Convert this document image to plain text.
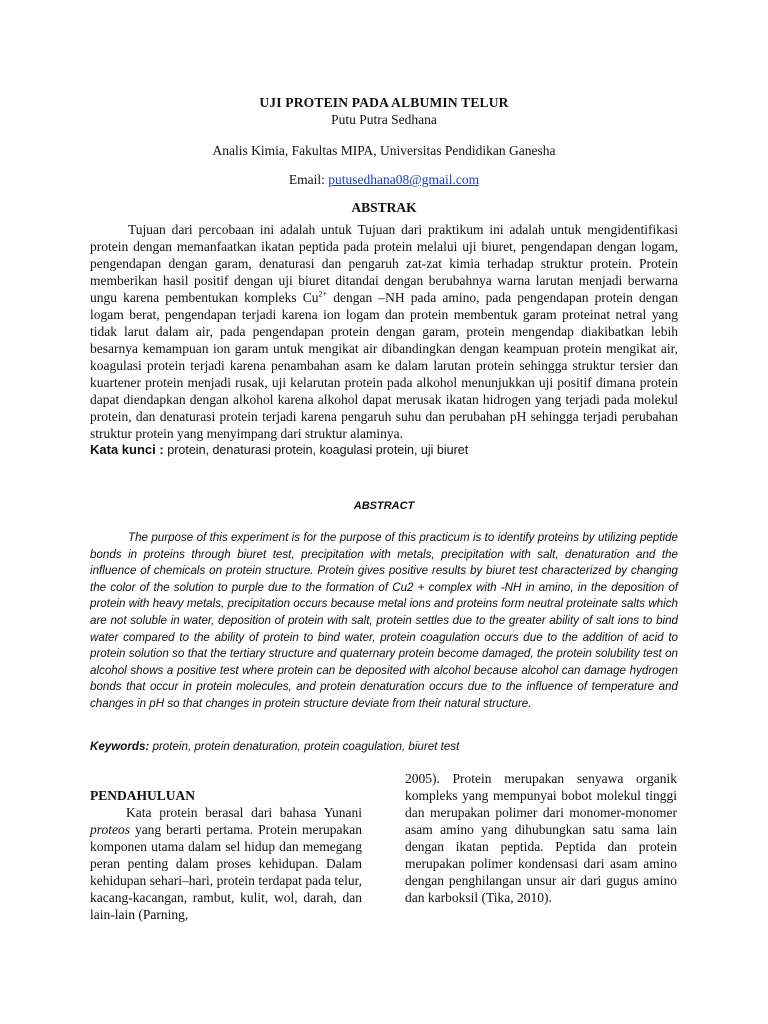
UJI PROTEIN PADA ALBUMIN TELUR
Putu Putra Sedhana
Analis Kimia, Fakultas MIPA, Universitas Pendidikan Ganesha
Email: putusedhana08@gmail.com
ABSTRAK

Tujuan dari percobaan ini adalah untuk Tujuan dari praktikum ini adalah untuk mengidentifikasi protein dengan memanfaatkan ikatan peptida pada protein melalui uji biuret, pengendapan dengan logam, pengendapan dengan garam, denaturasi dan pengaruh zat-zat kimia terhadap struktur protein. Protein memberikan hasil positif dengan uji biuret ditandai dengan berubahnya warna larutan menjadi berwarna ungu karena pembentukan kompleks $Cu^{2+}$ dengan –NH pada amino, pada pengendapan protein dengan logam berat, pengendapan terjadi karena ion logam dan protein membentuk garam proteinat netral yang tidak larut dalam air, pada pengendapan protein dengan garam, protein mengendap diakibatkan lebih besarnya kemampuan ion garam untuk mengikat air dibandingkan dengan keampuan protein mengikat air, koagulasi protein terjadi karena penambahan asam ke dalam larutan protein sehingga struktur tersier dan kuartener protein menjadi rusak, uji kelarutan protein pada alkohol menunjukkan uji positif dimana protein dapat diendapkan dengan alkohol karena alkohol dapat merusak ikatan hidrogen yang terjadi pada molekul protein, dan denaturasi protein terjadi karena pengaruh suhu dan perubahan pH sehingga terjadi perubahan struktur protein yang menyimpang dari struktur alaminya.

Kata kunci : protein, denaturasi protein, koagulasi protein, uji biuret

ABSTRACT

The purpose of this experiment is for the purpose of this practicum is to identify proteins by utilizing peptide bonds in proteins through biuret test, precipitation with metals, precipitation with salt, denaturation and the influence of chemicals on protein structure. Protein gives positive results by biuret test characterized by changing the color of the solution to purple due to the formation of Cu2 + complex with -NH in amino, in the deposition of protein with heavy metals, precipitation occurs because metal ions and proteins form neutral proteinate salts which are not soluble in water, deposition of protein with salt, protein settles due to the greater ability of salt ions to bind water compared to the ability of protein to bind water, protein coagulation occurs due to the addition of acid to protein solution so that the tertiary structure and quaternary protein become damaged, the protein solubility test on alcohol shows a positive test where protein can be deposited with alcohol because alcohol can damage hydrogen bonds that occur in protein molecules, and protein denaturation occurs due to the influence of temperature and changes in pH so that changes in protein structure deviate from their natural structure.

Keywords: protein, protein denaturation, protein coagulation, biuret test

PENDAHULUAN

Kata protein berasal dari bahasa Yunani proteos yang berarti pertama. Protein merupakan komponen utama dalam sel hidup dan memegang peran penting dalam proses kehidupan. Dalam kehidupan sehari–hari, protein terdapat pada telur, kacang-kacangan, rambut, kulit, wol, darah, dan lain-lain (Parning,

2005). Protein merupakan senyawa organik kompleks yang mempunyai bobot molekul tinggi dan merupakan polimer dari monomer-monomer asam amino yang dihubungkan satu sama lain dengan ikatan peptida. Peptida dan protein merupakan polimer kondensasi dari asam amino dengan penghilangan unsur air dari gugus amino dan karboksil (Tika, 2010).
